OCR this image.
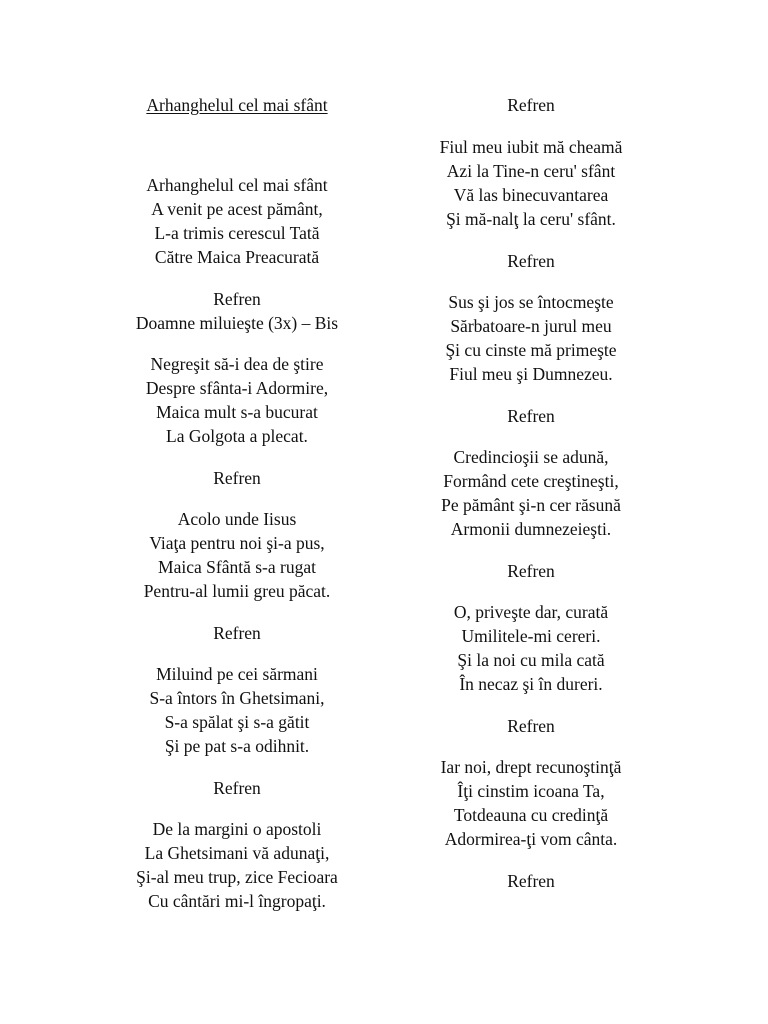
Arhanghelul cel mai sfânt
Arhanghelul cel mai sfânt
A venit pe acest pământ,
L-a trimis cerescul Tată
Către Maica Preacurată
Refren
Doamne miluieşte (3x) – Bis
Negreşit să-i dea de ştire
Despre sfânta-i Adormire,
Maica mult s-a bucurat
La Golgota a plecat.
Refren
Acolo unde Iisus
Viaţa pentru noi şi-a pus,
Maica Sfântă s-a rugat
Pentru-al lumii greu păcat.
Refren
Miluind pe cei sărmani
S-a întors în Ghetsimani,
S-a spălat şi s-a gătit
Şi pe pat s-a odihnit.
Refren
De la margini o apostoli
La Ghetsimani vă adunaţi,
Şi-al meu trup, zice Fecioara
Cu cântări mi-l îngropaţi.
Refren
Fiul meu iubit mă cheamă
Azi la Tine-n ceru' sfânt
Vă las binecuvantarea
Şi mă-nalţ la ceru' sfânt.
Refren
Sus şi jos se întocmeşte
Sărbatoare-n jurul meu
Şi cu cinste mă primeşte
Fiul meu şi Dumnezeu.
Refren
Credincioşii se adună,
Formând cete creştineşti,
Pe pământ şi-n cer răsună
Armonii dumnezeieşti.
Refren
O, priveşte dar, curată
Umilitele-mi cereri.
Şi la noi cu mila cată
În necaz şi în dureri.
Refren
Iar noi, drept recunoştinţă
Îţi cinstim icoana Ta,
Totdeauna cu credinţă
Adormirea-ţi vom cânta.
Refren
